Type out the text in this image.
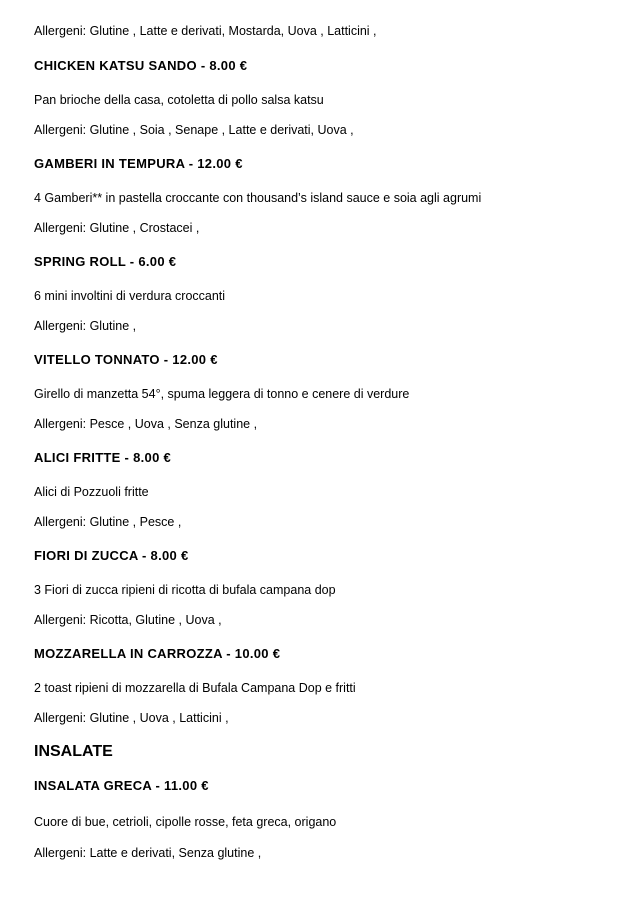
Allergeni: Glutine , Latte e derivati, Mostarda, Uova , Latticini ,

CHICKEN KATSU SANDO - 8.00 €

Pan brioche della casa, cotoletta di pollo salsa katsu

Allergeni: Glutine , Soia , Senape , Latte e derivati, Uova ,

GAMBERI IN TEMPURA - 12.00 €

4 Gamberi** in pastella croccante con thousand’s island sauce e soia agli agrumi

Allergeni: Glutine , Crostacei ,

SPRING ROLL - 6.00 €

6 mini involtini di verdura croccanti

Allergeni: Glutine ,

VITELLO TONNATO - 12.00 €

Girello di manzetta 54°, spuma leggera di tonno e cenere di verdure

Allergeni: Pesce , Uova , Senza glutine ,

ALICI FRITTE - 8.00 €

Alici di Pozzuoli fritte

Allergeni: Glutine , Pesce ,

FIORI DI ZUCCA - 8.00 €

3 Fiori di zucca ripieni di ricotta di bufala campana dop

Allergeni: Ricotta, Glutine , Uova ,

MOZZARELLA IN CARROZZA - 10.00 €

2 toast ripieni di mozzarella di Bufala Campana Dop e fritti

Allergeni: Glutine , Uova , Latticini ,

INSALATE

INSALATA GRECA - 11.00 €

Cuore di bue, cetrioli, cipolle rosse, feta greca, origano

Allergeni: Latte e derivati, Senza glutine ,
